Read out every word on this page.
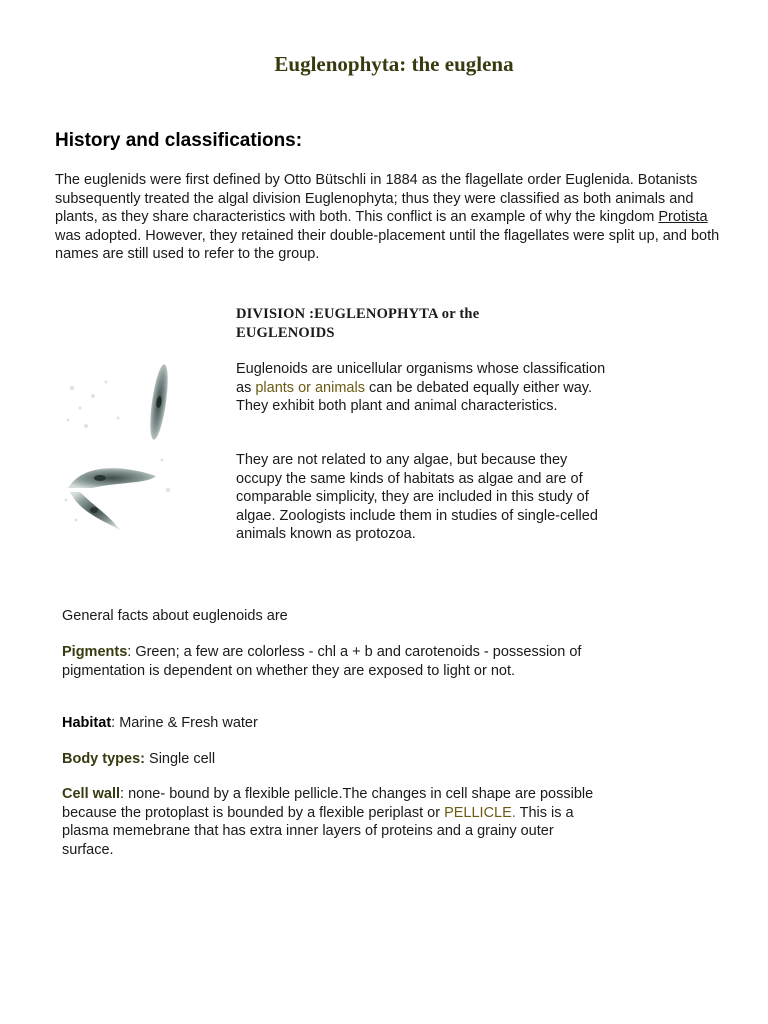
Euglenophyta: the euglena
History and classifications:

The euglenids were first defined by Otto Bütschli in 1884 as the flagellate order Euglenida. Botanists subsequently treated the algal division Euglenophyta; thus they were classified as both animals and plants, as they share characteristics with both. This conflict is an example of why the kingdom Protista was adopted. However, they retained their double-placement until the flagellates were split up, and both names are still used to refer to the group.

DIVISION :EUGLENOPHYTA or the
EUGLENOIDS

Euglenoids are unicellular organisms whose classification as plants or animals can be debated equally either way. They exhibit both plant and animal characteristics.

They are not related to any algae, but because they occupy the same kinds of habitats as algae and are of comparable simplicity, they are included in this study of algae. Zoologists include them in studies of single-celled animals known as protozoa.

General facts about euglenoids are

Pigments: Green; a few are colorless - chl a + b and carotenoids - possession of pigmentation is dependent on whether they are exposed to light or not.

Habitat: Marine & Fresh water

Body types: Single cell

Cell wall: none- bound by a flexible pellicle.The changes in cell shape are possible because the protoplast is bounded by a flexible periplast or PELLICLE. This is a plasma memebrane that has extra inner layers of proteins and a grainy outer surface.
